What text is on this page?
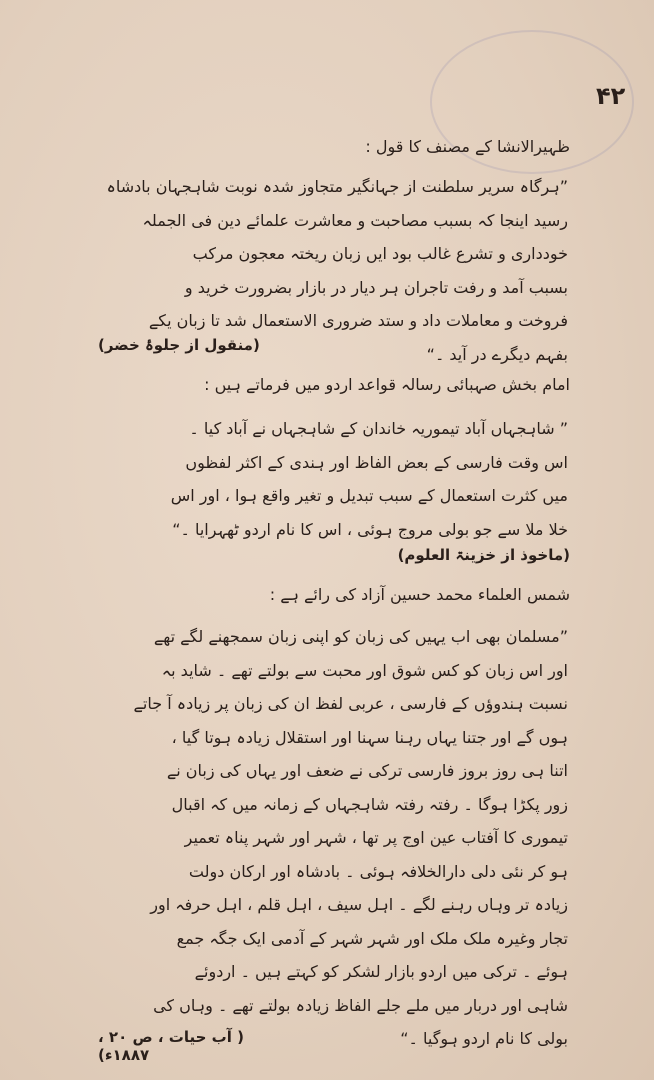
۴۲
ظہیرالانشا کے مصنف کا قول :
”ہرگاہ سریر سلطنت از جہانگیر متجاوز شدہ نوبت شاہجہان بادشاہ
رسید اینجا کہ بسبب مصاحبت و معاشرت علمائے دین فی الجملہ
خودداری و تشرع غالب بود ایں زبان ریختہ معجون مرکب
بسبب آمد و رفت تاجران ہر دیار در بازار بضرورت خرید و
فروخت و معاملات داد و ستد ضروری الاستعمال شد تا زبان یکے
بفہم دیگرے در آید ۔“
(منقول از جلوۂ خضر)
امام بخش صہبائی رسالہ قواعد اردو میں فرماتے ہیں :
” شاہجہاں آباد تیموریہ خاندان کے شاہجہاں نے آباد کیا ۔
اس وقت فارسی کے بعض الفاظ اور ہندی کے اکثر لفظوں
میں کثرت استعمال کے سبب تبدیل و تغیر واقع ہوا ، اور اس
خلا ملا سے جو بولی مروج ہوئی ، اس کا نام اردو ٹھہرایا ۔“
(ماخوذ از خزینۃ العلوم)
شمس العلماء محمد حسین آزاد کی رائے ہے :
”مسلمان بھی اب یہیں کی زبان کو اپنی زبان سمجھنے لگے تھے
اور اس زبان کو کس شوق اور محبت سے بولتے تھے ۔ شاید بہ
نسبت ہندوؤں کے فارسی ، عربی لفظ ان کی زبان پر زیادہ آ جاتے
ہوں گے اور جتنا یہاں رہنا سہنا اور استقلال زیادہ ہوتا گیا ،
اتنا ہی روز بروز فارسی ترکی نے ضعف اور یہاں کی زبان نے
زور پکڑا ہوگا ۔ رفتہ رفتہ شاہجہاں کے زمانہ میں کہ اقبال
تیموری کا آفتاب عین اوج پر تھا ، شہر اور شہر پناہ تعمیر
ہو کر نئی دلی دارالخلافہ ہوئی ۔ بادشاہ اور ارکان دولت
زیادہ تر وہاں رہنے لگے ۔ اہل سیف ، اہل قلم ، اہل حرفہ اور
تجار وغیرہ ملک ملک اور شہر شہر کے آدمی ایک جگہ جمع
ہوئے ۔ ترکی میں اردو بازار لشکر کو کہتے ہیں ۔ اردوئے
شاہی اور دربار میں ملے جلے الفاظ زیادہ بولتے تھے ۔ وہاں کی
بولی کا نام اردو ہوگیا ۔“
( آب حیات ، ص ۲۰ ، ۱۸۸۷ء)
